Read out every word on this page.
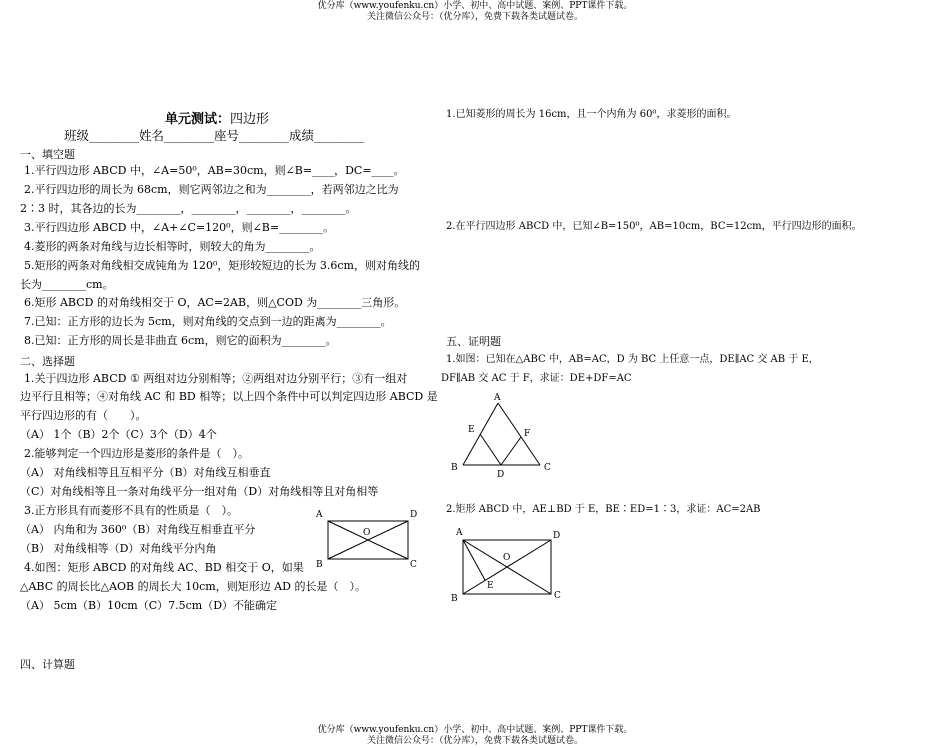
优分库（www.youfenku.cn）小学、初中、高中试题、案例、PPT课件下载。
关注微信公众号：（优分库），免费下载各类试题试卷。
单元测试：四边形
班级________姓名________座号________成绩________
一、填空题
1.平行四边形 ABCD 中，∠A=50⁰，AB=30cm，则∠B=____，DC=____。
2.平行四边形的周长为 68cm，则它两邻边之和为________，若两邻边之比为
2∶3 时，其各边的长为________，________，________，________。
3.平行四边形 ABCD 中，∠A+∠C=120⁰，则∠B=________。
4.菱形的两条对角线与边长相等时，则较大的角为________。
5.矩形的两条对角线相交成钝角为 120⁰，矩形较短边的长为 3.6cm，则对角线的
长为________cm。
6.矩形 ABCD 的对角线相交于 O，AC=2AB，则△COD 为________三角形。
7.已知：正方形的边长为 5cm，则对角线的交点到一边的距离为________。
8.已知：正方形的周长是非曲直 6cm，则它的面积为________。
二、选择题
1.关于四边形 ABCD ① 两组对边分别相等；②两组对边分别平行；③有一组对
边平行且相等；④对角线 AC 和 BD 相等；以上四个条件中可以判定四边形 ABCD 是
平行四边形的有（　　）。
（A） 1个（B）2个（C）3个（D）4个
2.能够判定一个四边形是菱形的条件是（　）。
（A） 对角线相等且互相平分（B）对角线互相垂直
（C）对角线相等且一条对角线平分一组对角（D）对角线相等且对角相等
3.正方形具有而菱形不具有的性质是（　）。
（A） 内角和为 360⁰（B）对角线互相垂直平分
（B） 对角线相等（D）对角线平分内角
4.如图：矩形 ABCD 的对角线 AC、BD 相交于 O，如果
△ABC 的周长比△AOB 的周长大 10cm，则矩形边 AD 的长是（　）。
（A） 5cm（B）10cm（C）7.5cm（D）不能确定
A	D
B	C
O
四、计算题
1.已知菱形的周长为 16cm，且一个内角为 60⁰，求菱形的面积。
2.在平行四边形 ABCD 中，已知∠B=150⁰，AB=10cm，BC=12cm，平行四边形的面积。
五、证明题
1.如图：已知在△ABC 中，AB=AC，D 为 BC 上任意一点，DE∥AC 交 AB 于 E，
DF∥AB 交 AC 于 F，求证：DE+DF=AC
A
E	F
B	C
D
2.矩形 ABCD 中，AE⊥BD 于 E，BE∶ED=1∶3，求证：AC=2AB
A	D
B	C
O
E
优分库（www.youfenku.cn）小学、初中、高中试题、案例、PPT课件下载。
关注微信公众号：（优分库），免费下载各类试题试卷。
